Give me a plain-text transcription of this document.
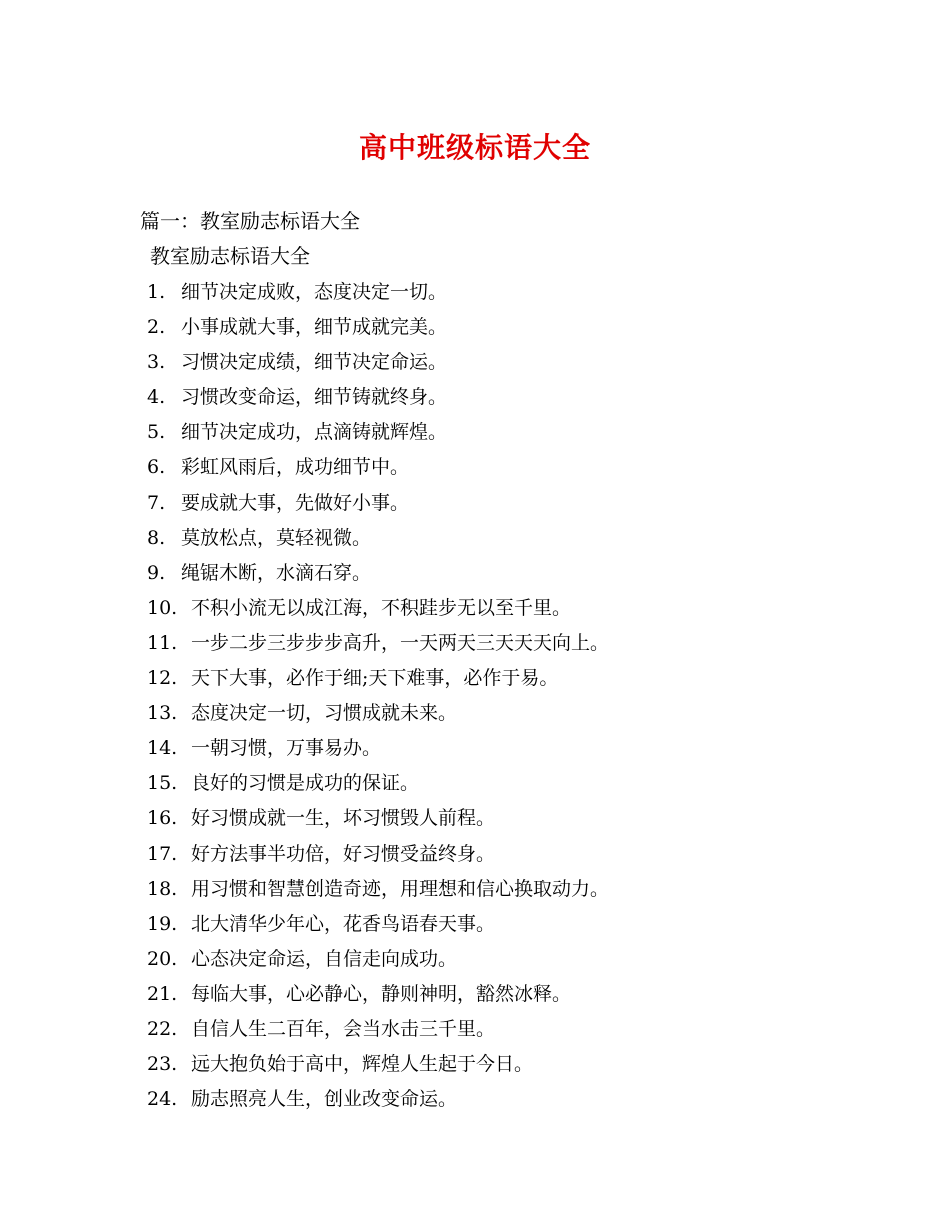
高中班级标语大全
篇一：教室励志标语大全
教室励志标语大全
1. 细节决定成败，态度决定一切。
2. 小事成就大事，细节成就完美。
3. 习惯决定成绩，细节决定命运。
4. 习惯改变命运，细节铸就终身。
5. 细节决定成功，点滴铸就辉煌。
6. 彩虹风雨后，成功细节中。
7. 要成就大事，先做好小事。
8. 莫放松点，莫轻视微。
9. 绳锯木断，水滴石穿。
10. 不积小流无以成江海，不积跬步无以至千里。
11. 一步二步三步步步高升，一天两天三天天天向上。
12. 天下大事，必作于细;天下难事，必作于易。
13. 态度决定一切，习惯成就未来。
14. 一朝习惯，万事易办。
15. 良好的习惯是成功的保证。
16. 好习惯成就一生，坏习惯毁人前程。
17. 好方法事半功倍，好习惯受益终身。
18. 用习惯和智慧创造奇迹，用理想和信心换取动力。
19. 北大清华少年心，花香鸟语春天事。
20. 心态决定命运，自信走向成功。
21. 每临大事，心必静心，静则神明，豁然冰释。
22. 自信人生二百年，会当水击三千里。
23. 远大抱负始于高中，辉煌人生起于今日。
24. 励志照亮人生，创业改变命运。
